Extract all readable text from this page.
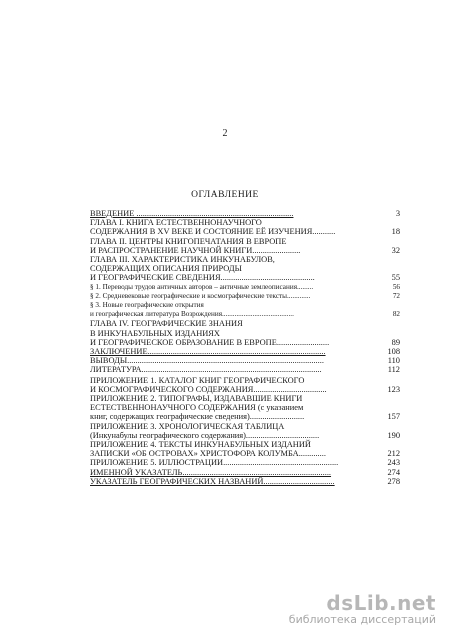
2
ОГЛАВЛЕНИЕ
ВВЕДЕНИЕ ...........................................................................	3
ГЛАВА I. КНИГА ЕСТЕСТВЕННОНАУЧНОГО
СОДЕРЖАНИЯ В XV ВЕКЕ И СОСТОЯНИЕ ЕЁ ИЗУЧЕНИЯ...........	18
ГЛАВА II. ЦЕНТРЫ КНИГОПЕЧАТАНИЯ В ЕВРОПЕ
И РАСПРОСТРАНЕНИЕ НАУЧНОЙ КНИГИ.......................	32
ГЛАВА III. ХАРАКТЕРИСТИКА ИНКУНАБУЛОВ,
СОДЕРЖАЩИХ ОПИСАНИЯ ПРИРОДЫ
И ГЕОГРАФИЧЕСКИЕ СВЕДЕНИЯ.............................................	55
§ 1. Переводы трудов античных авторов – античные землеописания.........	56
§ 2. Средневековые географические и космографические тексты.............	72
§ 3. Новые географические открытия
и географическая литература Возрождения........................................	82
ГЛАВА IV. ГЕОГРАФИЧЕСКИЕ ЗНАНИЯ
В ИНКУНАБУЛЬНЫХ ИЗДАНИЯХ
И ГЕОГРАФИЧЕСКОЕ ОБРАЗОВАНИЕ В ЕВРОПЕ.........................	89
ЗАКЛЮЧЕНИЕ.....................................................................................	108
ВЫВОДЫ..............................................................................................	110
ЛИТЕРАТУРА......................................................................................	112
ПРИЛОЖЕНИЕ 1. КАТАЛОГ КНИГ ГЕОГРАФИЧЕСКОГО
И КОСМОГРАФИЧЕСКОГО СОДЕРЖАНИЯ...................................	123
ПРИЛОЖЕНИЕ 2. ТИПОГРАФЫ, ИЗДАВАВШИЕ КНИГИ
ЕСТЕСТВЕННОНАУЧНОГО СОДЕРЖАНИЯ (с указанием
книг, содержащих географические сведения)..........................	157
ПРИЛОЖЕНИЕ 3. ХРОНОЛОГИЧЕСКАЯ ТАБЛИЦА
(Инкунабулы географического содержания)...................................	190
ПРИЛОЖЕНИЕ 4. ТЕКСТЫ ИНКУНАБУЛЬНЫХ ИЗДАНИЙ
ЗАПИСКИ «ОБ ОСТРОВАХ» ХРИСТОФОРА КОЛУМБА.............	212
ПРИЛОЖЕНИЕ 5. ИЛЛЮСТРАЦИИ.......................................................	243
ИМЕННОЙ УКАЗАТЕЛЬ.......................................................................	274
УКАЗАТЕЛЬ ГЕОГРАФИЧЕСКИХ НАЗВАНИЙ..................................	278
dsLib.net
библиотека диссертаций
